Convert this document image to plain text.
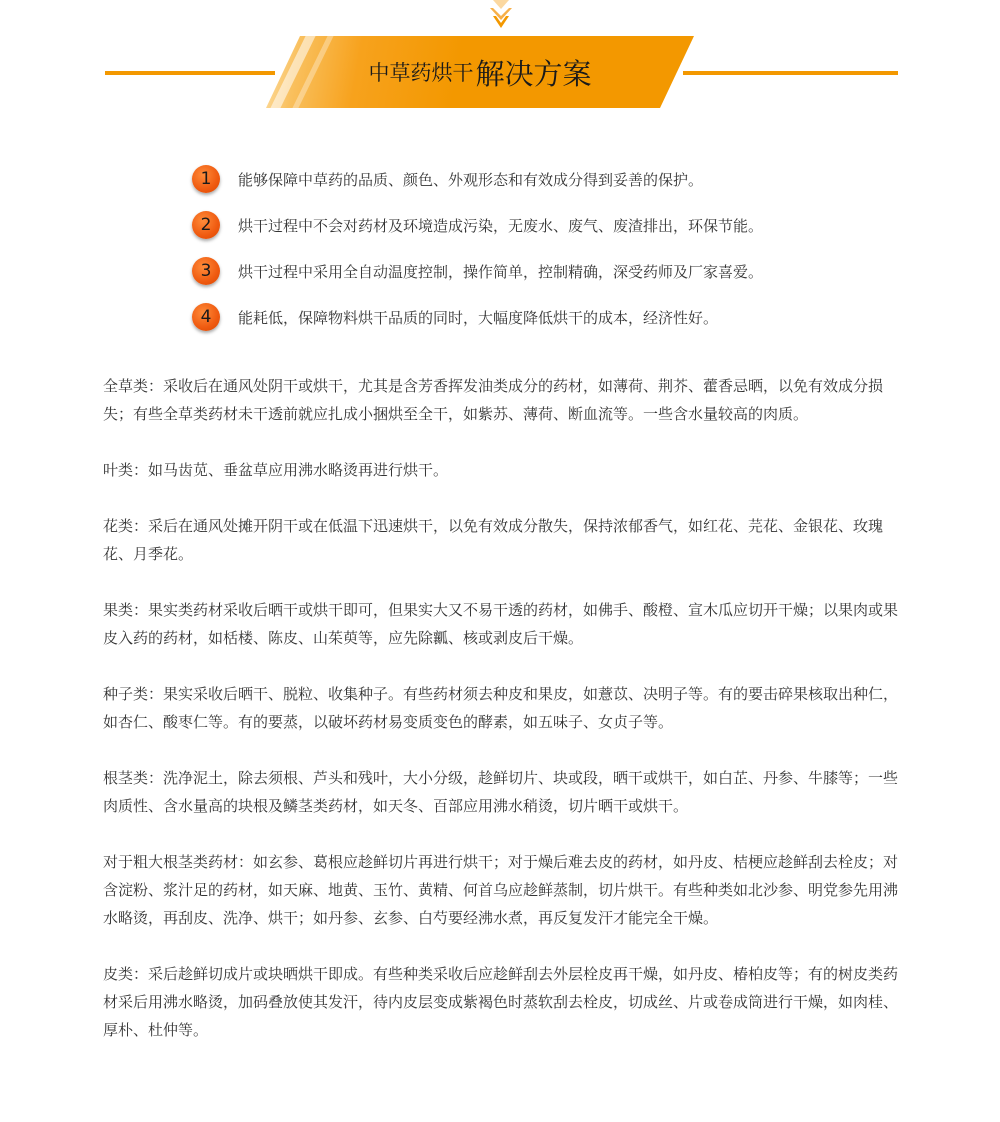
中草药烘干 解决方案
1	能够保障中草药的品质、颜色、外观形态和有效成分得到妥善的保护。
2	烘干过程中不会对药材及环境造成污染，无废水、废气、废渣排出，环保节能。
3	烘干过程中采用全自动温度控制，操作简单，控制精确，深受药师及厂家喜爱。
4	能耗低，保障物料烘干品质的同时，大幅度降低烘干的成本，经济性好。

全草类：采收后在通风处阴干或烘干，尤其是含芳香挥发油类成分的药材，如薄荷、荆芥、藿香忌晒，以免有效成分损失；有些全草类药材未干透前就应扎成小捆烘至全干，如紫苏、薄荷、断血流等。一些含水量较高的肉质。

叶类：如马齿苋、垂盆草应用沸水略烫再进行烘干。

花类：采后在通风处摊开阴干或在低温下迅速烘干，以免有效成分散失，保持浓郁香气，如红花、芫花、金银花、玫瑰花、月季花。

果类：果实类药材采收后晒干或烘干即可，但果实大又不易干透的药材，如佛手、酸橙、宣木瓜应切开干燥；以果肉或果皮入药的药材，如栝楼、陈皮、山茱萸等，应先除瓤、核或剥皮后干燥。

种子类：果实采收后晒干、脱粒、收集种子。有些药材须去种皮和果皮，如薏苡、决明子等。有的要击碎果核取出种仁，如杏仁、酸枣仁等。有的要蒸，以破坏药材易变质变色的酵素，如五味子、女贞子等。

根茎类：洗净泥土，除去须根、芦头和残叶，大小分级，趁鲜切片、块或段，晒干或烘干，如白芷、丹参、牛膝等；一些肉质性、含水量高的块根及鳞茎类药材，如天冬、百部应用沸水稍烫，切片晒干或烘干。

对于粗大根茎类药材：如玄参、葛根应趁鲜切片再进行烘干；对于燥后难去皮的药材，如丹皮、桔梗应趁鲜刮去栓皮；对含淀粉、浆汁足的药材，如天麻、地黄、玉竹、黄精、何首乌应趁鲜蒸制，切片烘干。有些种类如北沙参、明党参先用沸水略烫，再刮皮、洗净、烘干；如丹参、玄参、白芍要经沸水煮，再反复发汗才能完全干燥。

皮类：采后趁鲜切成片或块晒烘干即成。有些种类采收后应趁鲜刮去外层栓皮再干燥，如丹皮、椿柏皮等；有的树皮类药材采后用沸水略烫，加码叠放使其发汗，待内皮层变成紫褐色时蒸软刮去栓皮，切成丝、片或卷成筒进行干燥，如肉桂、厚朴、杜仲等。
